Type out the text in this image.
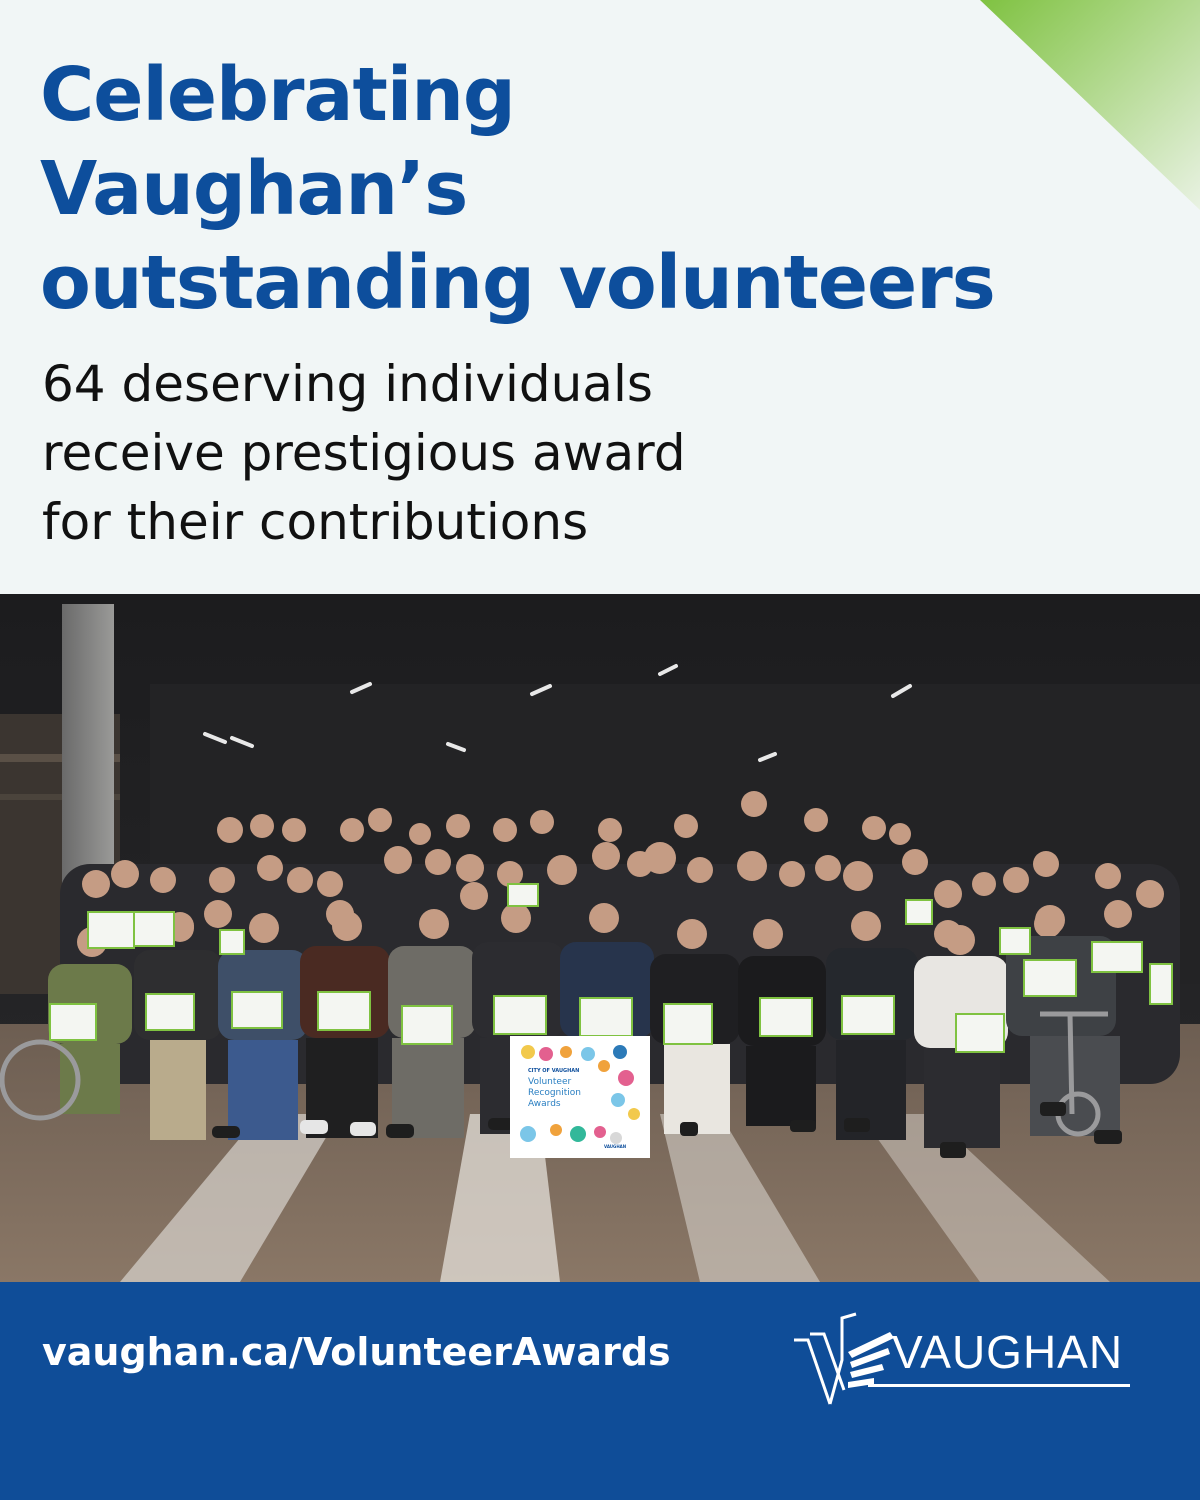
Celebrating
Vaughan’s
outstanding volunteers
64 deserving individuals
receive prestigious award
for their contributions
CITY OF VAUGHAN
Volunteer
Recognition
Awards
VAUGHAN

vaughan.ca/VolunteerAwards	VAUGHAN
